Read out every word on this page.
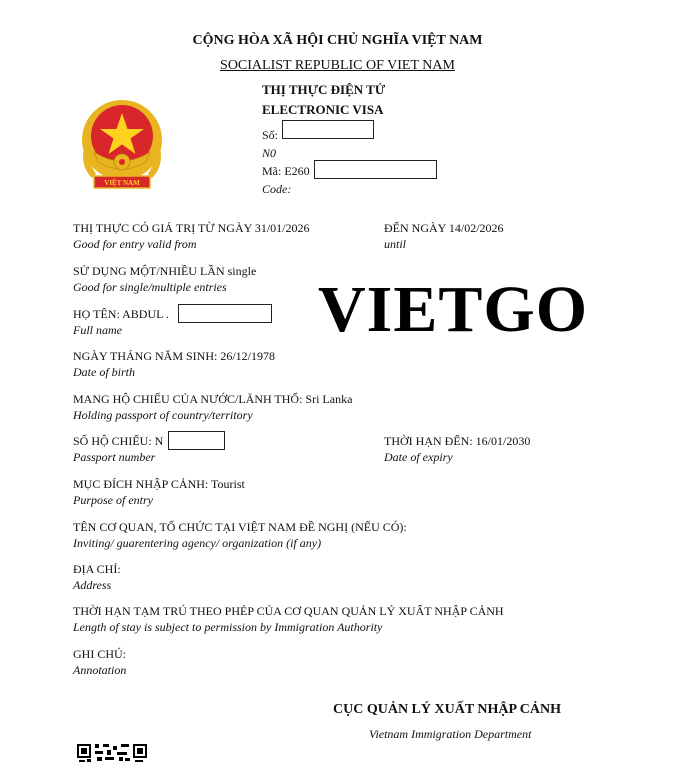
CỘNG HÒA XÃ HỘI CHỦ NGHĨA VIỆT NAM
SOCIALIST REPUBLIC OF VIET NAM
THỊ THỰC ĐIỆN TỬ
ELECTRONIC VISA
Số:
N0
Mã: E260
Code:
VIỆT NAM
VIETGO
THỊ THỰC CÓ GIÁ TRỊ TỪ NGÀY 31/01/2026
Good for entry valid from
ĐẾN NGÀY 14/02/2026
until
SỬ DỤNG MỘT/NHIỀU LẦN single
Good for single/multiple entries
HỌ TÊN: ABDUL .
Full name
NGÀY THÁNG NĂM SINH: 26/12/1978
Date of birth
MANG HỘ CHIẾU CỦA NƯỚC/LÃNH THỔ: Sri Lanka
Holding passport of country/territory
SỐ HỘ CHIẾU: N
Passport number
THỜI HẠN ĐẾN: 16/01/2030
Date of expiry
MỤC ĐÍCH NHẬP CẢNH: Tourist
Purpose of entry
TÊN CƠ QUAN, TỔ CHỨC TẠI VIỆT NAM ĐỀ NGHỊ (NẾU CÓ):
Inviting/ guarentering agency/ organization (if any)
ĐỊA CHỈ:
Address
THỜI HẠN TẠM TRÚ THEO PHÉP CỦA CƠ QUAN QUẢN LÝ XUẤT NHẬP CẢNH
Length of stay is subject to permission by Immigration Authority
GHI CHÚ:
Annotation
CỤC QUẢN LÝ XUẤT NHẬP CẢNH
Vietnam Immigration Department
